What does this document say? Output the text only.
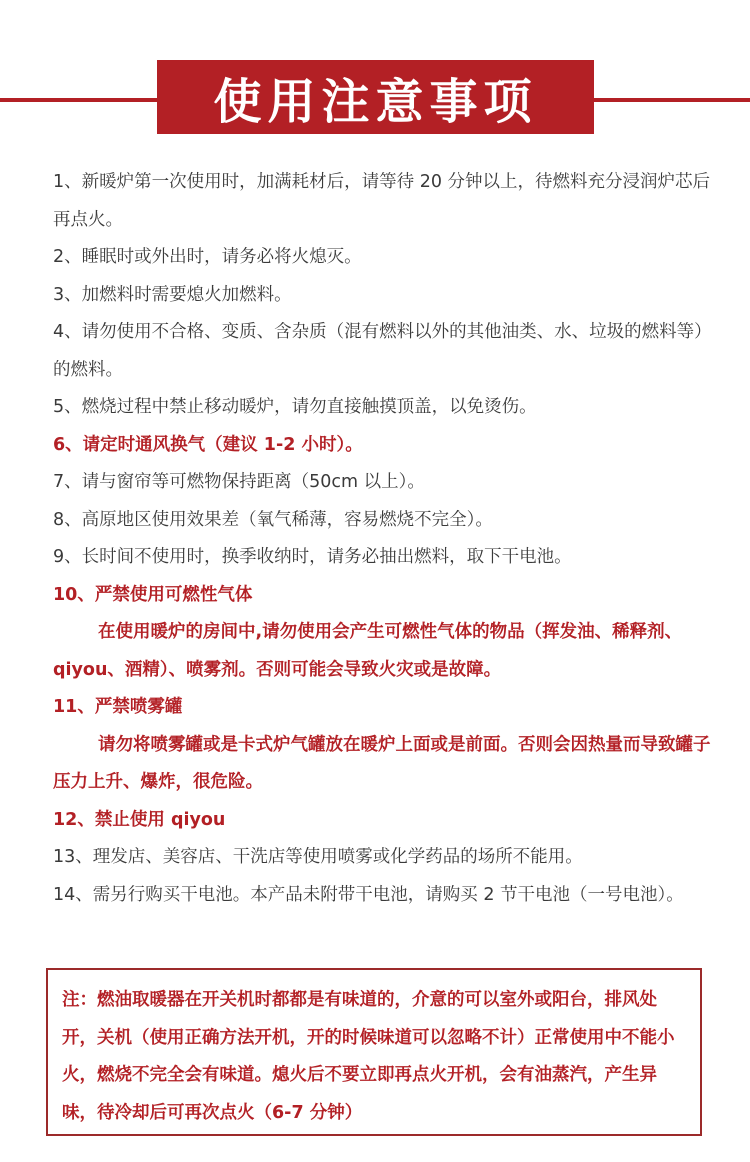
使用注意事项

1、新暖炉第一次使用时，加满耗材后，请等待 20 分钟以上，待燃料充分浸润炉芯后再点火。

2、睡眠时或外出时，请务必将火熄灭。

3、加燃料时需要熄火加燃料。

4、请勿使用不合格、变质、含杂质（混有燃料以外的其他油类、水、垃圾的燃料等）的燃料。

5、燃烧过程中禁止移动暖炉，请勿直接触摸顶盖，以免烫伤。

6、请定时通风换气（建议 1-2 小时）。

7、请与窗帘等可燃物保持距离（50cm 以上）。

8、高原地区使用效果差（氧气稀薄，容易燃烧不完全）。

9、长时间不使用时，换季收纳时，请务必抽出燃料，取下干电池。

10、严禁使用可燃性气体

在使用暖炉的房间中,请勿使用会产生可燃性气体的物品（挥发油、稀释剂、qiyou、酒精）、喷雾剂。否则可能会导致火灾或是故障。

11、严禁喷雾罐

请勿将喷雾罐或是卡式炉气罐放在暖炉上面或是前面。否则会因热量而导致罐子压力上升、爆炸，很危险。

12、禁止使用 qiyou

13、理发店、美容店、干洗店等使用喷雾或化学药品的场所不能用。

14、需另行购买干电池。本产品未附带干电池，请购买 2 节干电池（一号电池）。

注：燃油取暖器在开关机时都都是有味道的，介意的可以室外或阳台，排风处开，关机（使用正确方法开机，开的时候味道可以忽略不计）正常使用中不能小火，燃烧不完全会有味道。熄火后不要立即再点火开机，会有油蒸汽，产生异味，待冷却后可再次点火（6-7 分钟）
